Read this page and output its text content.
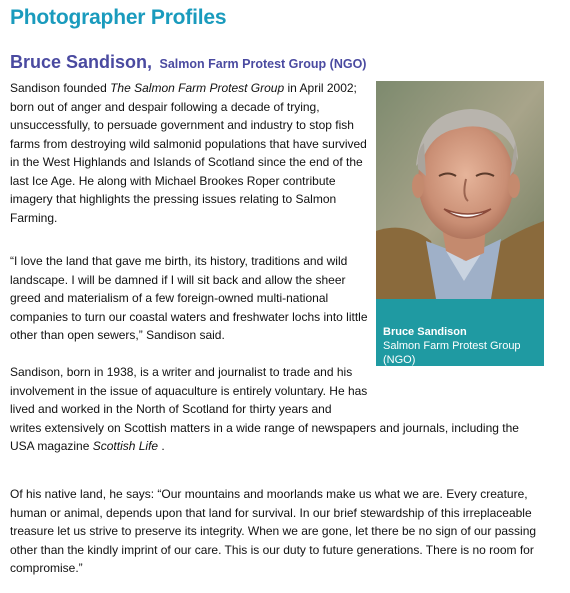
Photographer Profiles
Bruce Sandison, Salmon Farm Protest Group (NGO)

Sandison founded The Salmon Farm Protest Group in April 2002; born out of anger and despair following a decade of trying, unsuccessfully, to persuade government and industry to stop fish farms from destroying wild salmonid populations that have survived in the West Highlands and Islands of Scotland since the end of the last Ice Age. He along with Michael Brookes Roper contribute imagery that highlights the pressing issues relating to Salmon Farming.

“I love the land that gave me birth, its history, traditions and wild landscape. I will be damned if I will sit back and allow the sheer greed and materialism of a few foreign-owned multi-national companies to turn our coastal waters and freshwater lochs into little other than open sewers,” Sandison said.

Sandison, born in 1938, is a writer and journalist to trade and his involvement in the issue of aquaculture is entirely voluntary. He has lived and worked in the North of Scotland for thirty years and
writes extensively on Scottish matters in a wide range of newspapers and journals, including the
USA magazine Scottish Life .

Of his native land, he says: “Our mountains and moorlands make us what we are. Every creature, human or animal, depends upon that land for survival. In our brief stewardship of this irreplaceable treasure let us strive to preserve its integrity. When we are gone, let there be no sign of our passing other than the kindly imprint of our care. This is our duty to future generations. There is no room for compromise.”

Bruce Sandison
Salmon Farm Protest Group (NGO)
